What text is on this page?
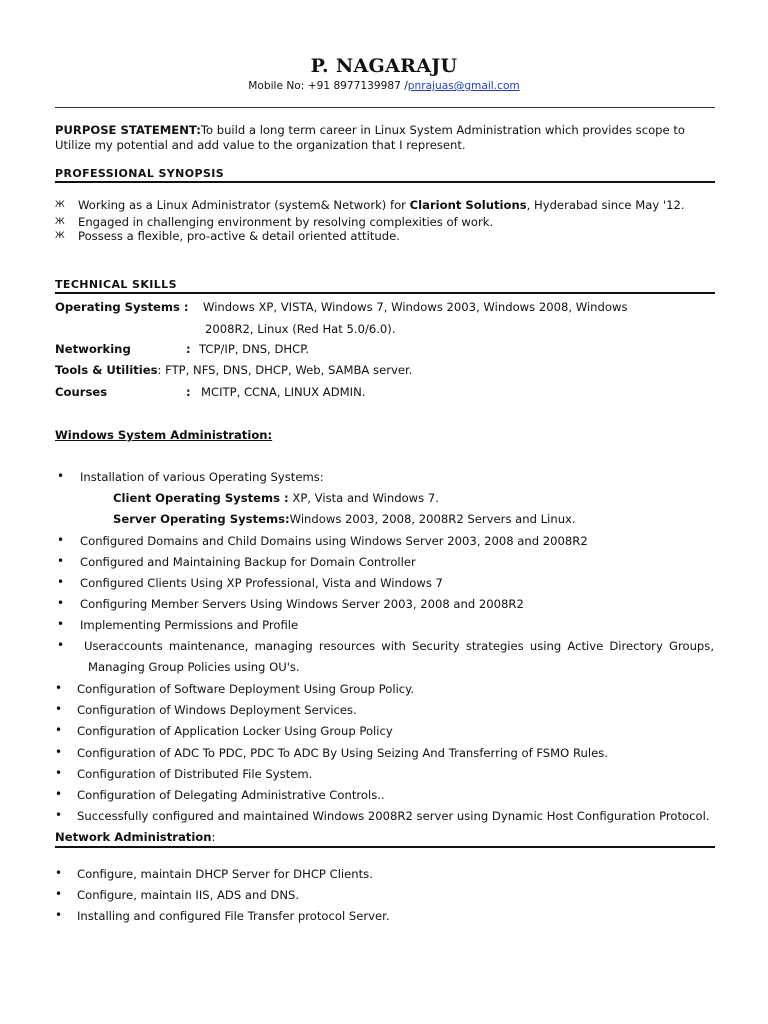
P. NAGARAJU
Mobile No: +91 8977139987 /pnrajuas@gmail.com
PURPOSE STATEMENT:To build a long term career in Linux System Administration which provides scope to
Utilize my potential and add value to the organization that I represent.
PROFESSIONAL SYNOPSIS
Ж Working as a Linux Administrator (system& Network) for Clariont Solutions, Hyderabad since May '12.
Ж Engaged in challenging environment by resolving complexities of work.
Ж Possess a flexible, pro-active & detail oriented attitude.
TECHNICAL SKILLS
Operating Systems : Windows XP, VISTA, Windows 7, Windows 2003, Windows 2008, Windows
2008R2, Linux (Red Hat 5.0/6.0).
Networking	: TCP/IP, DNS, DHCP.
Tools & Utilities: FTP, NFS, DNS, DHCP, Web, SAMBA server.
Courses	: MCITP, CCNA, LINUX ADMIN.
Windows System Administration:
• Installation of various Operating Systems:
Client Operating Systems : XP, Vista and Windows 7.
Server Operating Systems:Windows 2003, 2008, 2008R2 Servers and Linux.
• Configured Domains and Child Domains using Windows Server 2003, 2008 and 2008R2
• Configured and Maintaining Backup for Domain Controller
• Configured Clients Using XP Professional, Vista and Windows 7
• Configuring Member Servers Using Windows Server 2003, 2008 and 2008R2
• Implementing Permissions and Profile
• Useraccounts maintenance, managing resources with Security strategies using Active Directory Groups,
Managing Group Policies using OU's.
• Configuration of Software Deployment Using Group Policy.
• Configuration of Windows Deployment Services.
• Configuration of Application Locker Using Group Policy
• Configuration of ADC To PDC, PDC To ADC By Using Seizing And Transferring of FSMO Rules.
• Configuration of Distributed File System.
• Configuration of Delegating Administrative Controls..
• Successfully configured and maintained Windows 2008R2 server using Dynamic Host Configuration Protocol.
Network Administration:
• Configure, maintain DHCP Server for DHCP Clients.
• Configure, maintain IIS, ADS and DNS.
• Installing and configured File Transfer protocol Server.
